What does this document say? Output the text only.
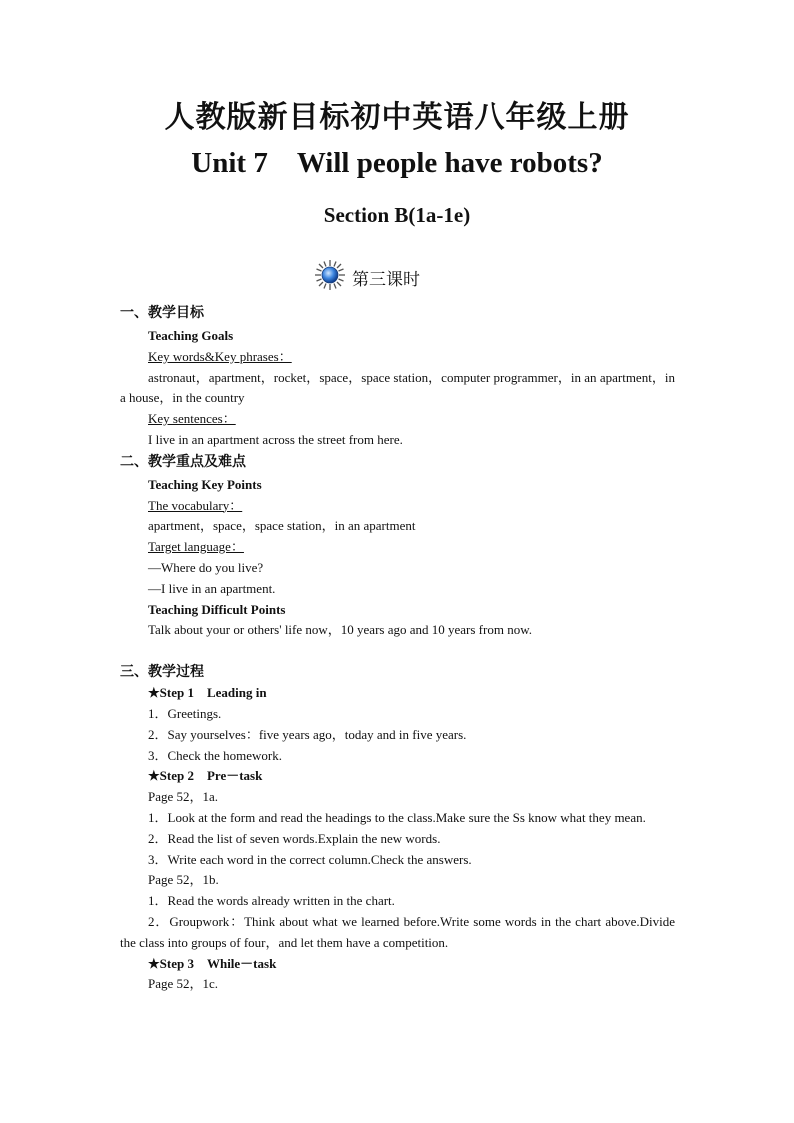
人教版新目标初中英语八年级上册
Unit 7　Will people have robots?
Section B(1a-1e)
第三课时
一、教学目标
Teaching Goals
Key words&Key phrases：
astronaut，apartment，rocket，space，space station，computer programmer，in an apartment，in a house，in the country
Key sentences：
I live in an apartment across the street from here.
二、教学重点及难点
Teaching Key Points
The vocabulary：
apartment，space，space station，in an apartment
Target language：
—Where do you live?
—I live in an apartment.
Teaching Difficult Points
Talk about your or others' life now，10 years ago and 10 years from now.
三、教学过程
★Step 1　Leading in
1．Greetings.
2．Say yourselves：five years ago，today and in five years.
3．Check the homework.
★Step 2　Pre－task
Page 52，1a.
1．Look at the form and read the headings to the class.Make sure the Ss know what they mean.
2．Read the list of seven words.Explain the new words.
3．Write each word in the correct column.Check the answers.
Page 52，1b.
1．Read the words already written in the chart.
2．Groupwork：Think about what we learned before.Write some words in the chart above.Divide the class into groups of four，and let them have a competition.
★Step 3　While－task
Page 52，1c.
